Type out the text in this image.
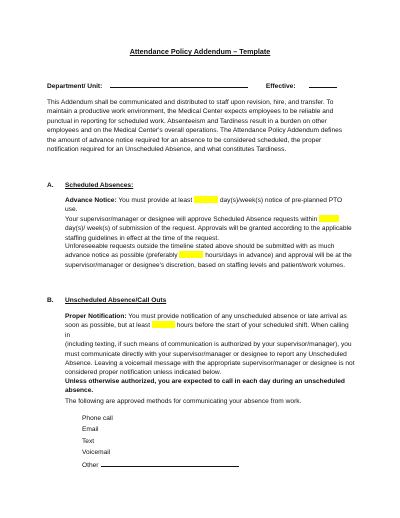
Attendance Policy Addendum – Template
Department/ Unit:	Effective:
This Addendum shall be communicated and distributed to staff upon revision, hire, and transfer. To
maintain a productive work environment, the Medical Center expects employees to be reliable and
punctual in reporting for scheduled work. Absenteeism and Tardiness result in a burden on other
employees and on the Medical Center's overall operations. The Attendance Policy Addendum defines
the amount of advance notice required for an absence to be considered scheduled, the proper
notification required for an Unscheduled Absence, and what constitutes Tardiness.
A. Scheduled Absences:
Advance Notice: You must provide at least	day(s)/week(s) notice of pre-planned PTO use.
Your supervisor/manager or designee will approve Scheduled Absence requests within
day(s)/ week(s) of submission of the request. Approvals will be granted according to the applicable
staffing guidelines in effect at the time of the request.
Unforeseeable requests outside the timeline stated above should be submitted with as much
advance notice as possible (preferably	hours/days in advance) and approval will be at the
supervisor/manager or designee's discretion, based on staffing levels and patient/work volumes.
B. Unscheduled Absence/Call Outs
Proper Notification: You must provide notification of any unscheduled absence or late arrival as
soon as possible, but at least	hours before the start of your scheduled shift. When calling in
(including texting, if such means of communication is authorized by your supervisor/manager), you
must communicate directly with your supervisor/manager or designee to report any Unscheduled
Absence. Leaving a voicemail message with the appropriate supervisor/manager or designee is not
considered proper notification unless indicated below.
Unless otherwise authorized, you are expected to call in each day during an unscheduled absence.
The following are approved methods for communicating your absence from work.
Phone call
Email
Text
Voicemail
Other
